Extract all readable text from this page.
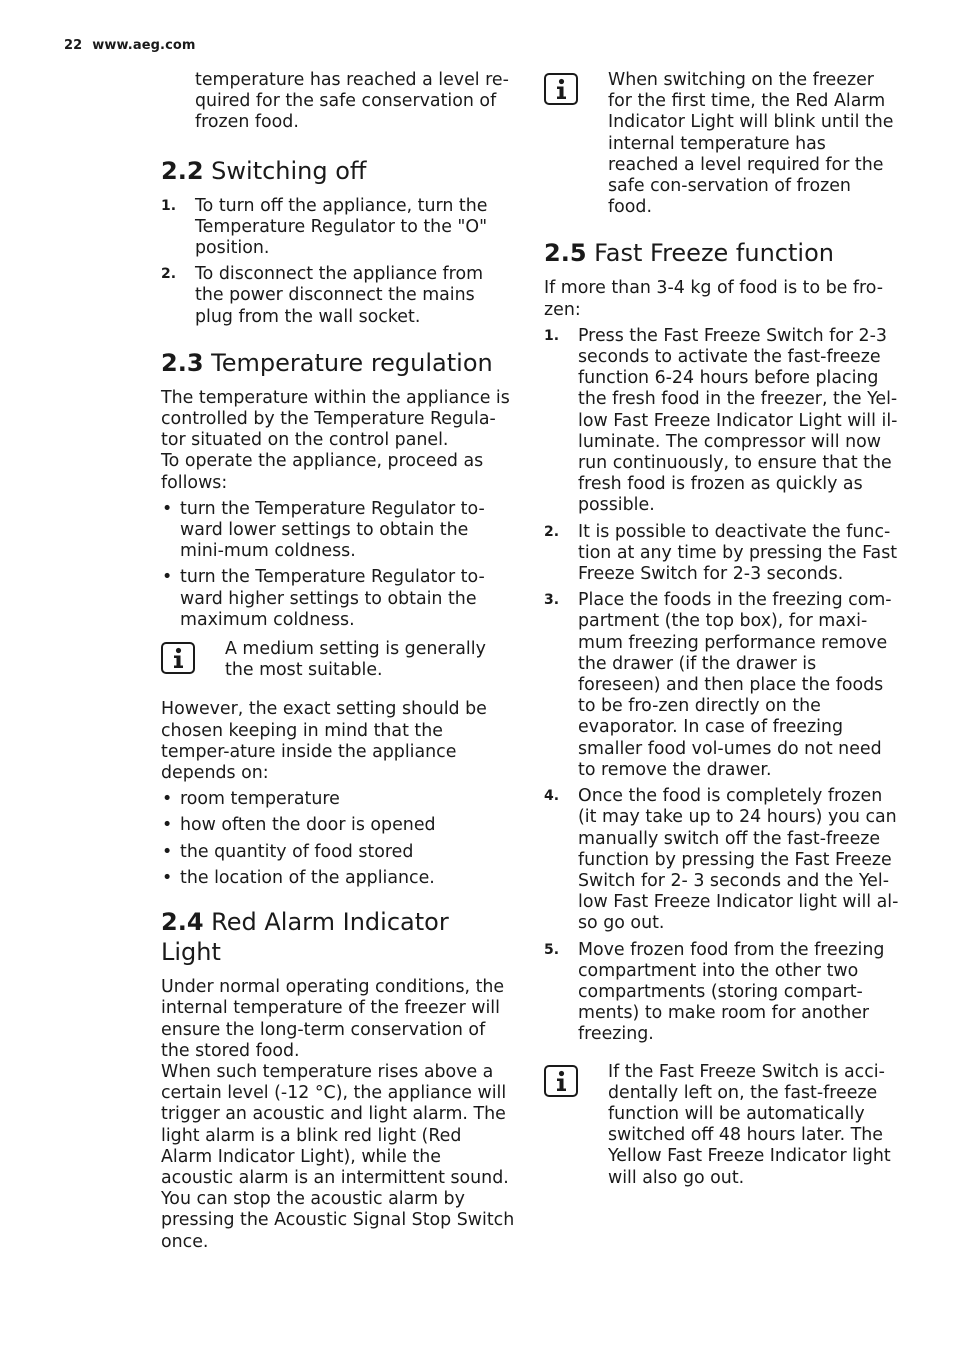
22 www.aeg.com

temperature has reached a level re-quired for the safe conservation of frozen food.

2.2 Switching off
1. To turn off the appliance, turn the Temperature Regulator to the "O" position.
2. To disconnect the appliance from the power disconnect the mains plug from the wall socket.
2.3 Temperature regulation

The temperature within the appliance is controlled by the Temperature Regula-tor situated on the control panel.

To operate the appliance, proceed as follows:

• turn the Temperature Regulator to-ward lower settings to obtain the mini-mum coldness.
• turn the Temperature Regulator to-ward higher settings to obtain the maximum coldness.

A medium setting is generally the most suitable.

However, the exact setting should be chosen keeping in mind that the temper-ature inside the appliance depends on:

• room temperature
• how often the door is opened
• the quantity of food stored
• the location of the appliance.
2.4 Red Alarm Indicator Light

Under normal operating conditions, the internal temperature of the freezer will ensure the long-term conservation of the stored food.

When such temperature rises above a certain level (-12 °C), the appliance will trigger an acoustic and light alarm. The light alarm is a blink red light (Red Alarm Indicator Light), while the acoustic alarm is an intermittent sound.

You can stop the acoustic alarm by pressing the Acoustic Signal Stop Switch once.

When switching on the freezer for the first time, the Red Alarm Indicator Light will blink until the internal temperature has reached a level required for the safe con-servation of frozen food.

2.5 Fast Freeze function

If more than 3-4 kg of food is to be fro-zen:

1. Press the Fast Freeze Switch for 2-3 seconds to activate the fast-freeze function 6-24 hours before placing the fresh food in the freezer, the Yel-low Fast Freeze Indicator Light will il-luminate. The compressor will now run continuously, to ensure that the fresh food is frozen as quickly as possible.
2. It is possible to deactivate the func-tion at any time by pressing the Fast Freeze Switch for 2-3 seconds.
3. Place the foods in the freezing com-partment (the top box), for maxi-mum freezing performance remove the drawer (if the drawer is foreseen) and then place the foods to be fro-zen directly on the evaporator. In case of freezing smaller food vol-umes do not need to remove the drawer.
4. Once the food is completely frozen (it may take up to 24 hours) you can manually switch off the fast-freeze function by pressing the Fast Freeze Switch for 2- 3 seconds and the Yel-low Fast Freeze Indicator light will al-so go out.
5. Move frozen food from the freezing compartment into the other two compartments (storing compart-ments) to make room for another freezing.

If the Fast Freeze Switch is acci-dentally left on, the fast-freeze function will be automatically switched off 48 hours later. The Yellow Fast Freeze Indicator light will also go out.
